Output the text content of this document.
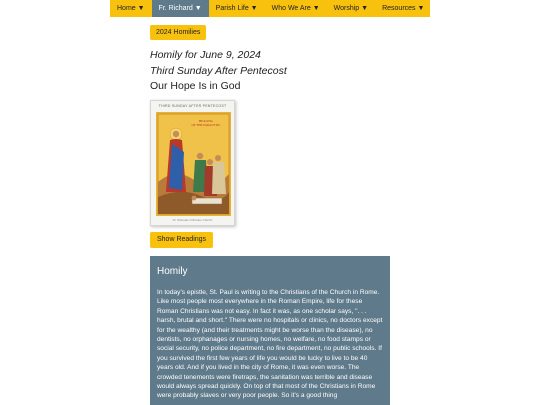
Home ▼	Fr. Richard ▼	Parish Life ▼	Who We Are ▼	Worship ▼	Resources ▼
2024 Homilies
Homily for June 9, 2024
Third Sunday After Pentecost
Our Hope Is in God
THIRD SUNDAY AFTER PENTECOST
HEALING
OF THE PARALYTIC
St. Nicholas Orthodox Church
Show Readings
Homily
In today's epistle, St. Paul is writing to the Christians of the Church in Rome. Like most people most everywhere in the Roman Empire, life for these Roman Christians was not easy. In fact it was, as one scholar says, ". . . harsh, brutal and short." There were no hospitals or clinics, no doctors except for the wealthy (and their treatments might be worse than the disease), no dentists, no orphanages or nursing homes, no welfare, no food stamps or social security, no police department, no fire department, no public schools. If you survived the first few years of life you would be lucky to live to be 40 years old. And if you lived in the city of Rome, it was even worse. The crowded tenements were firetraps, the sanitation was terrible and disease would always spread quickly. On top of that most of the Christians in Rome were probably slaves or very poor people. So it's a good thing
